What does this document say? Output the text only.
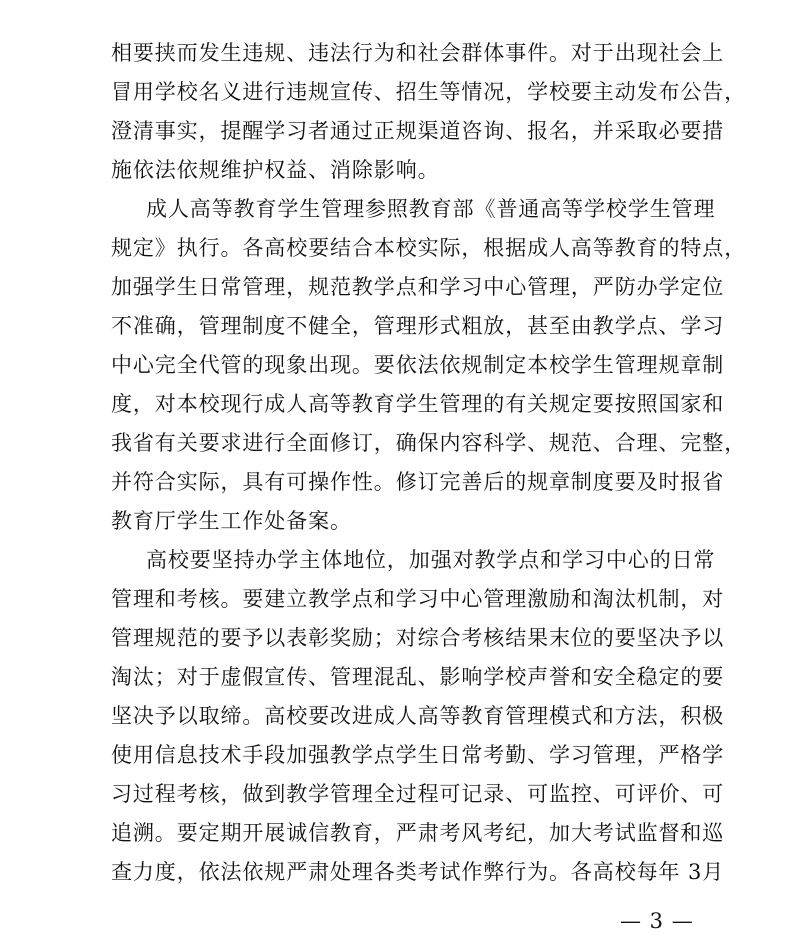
相要挟而发生违规、违法行为和社会群体事件。对于出现社会上
冒用学校名义进行违规宣传、招生等情况，学校要主动发布公告，
澄清事实，提醒学习者通过正规渠道咨询、报名，并采取必要措
施依法依规维护权益、消除影响。
成人高等教育学生管理参照教育部《普通高等学校学生管理
规定》执行。各高校要结合本校实际，根据成人高等教育的特点，
加强学生日常管理，规范教学点和学习中心管理，严防办学定位
不准确，管理制度不健全，管理形式粗放，甚至由教学点、学习
中心完全代管的现象出现。要依法依规制定本校学生管理规章制
度，对本校现行成人高等教育学生管理的有关规定要按照国家和
我省有关要求进行全面修订，确保内容科学、规范、合理、完整，
并符合实际，具有可操作性。修订完善后的规章制度要及时报省
教育厅学生工作处备案。
高校要坚持办学主体地位，加强对教学点和学习中心的日常
管理和考核。要建立教学点和学习中心管理激励和淘汰机制，对
管理规范的要予以表彰奖励；对综合考核结果末位的要坚决予以
淘汰；对于虚假宣传、管理混乱、影响学校声誉和安全稳定的要
坚决予以取缔。高校要改进成人高等教育管理模式和方法，积极
使用信息技术手段加强教学点学生日常考勤、学习管理，严格学
习过程考核，做到教学管理全过程可记录、可监控、可评价、可
追溯。要定期开展诚信教育，严肃考风考纪，加大考试监督和巡
查力度，依法依规严肃处理各类考试作弊行为。各高校每年 3月
— 3 —
